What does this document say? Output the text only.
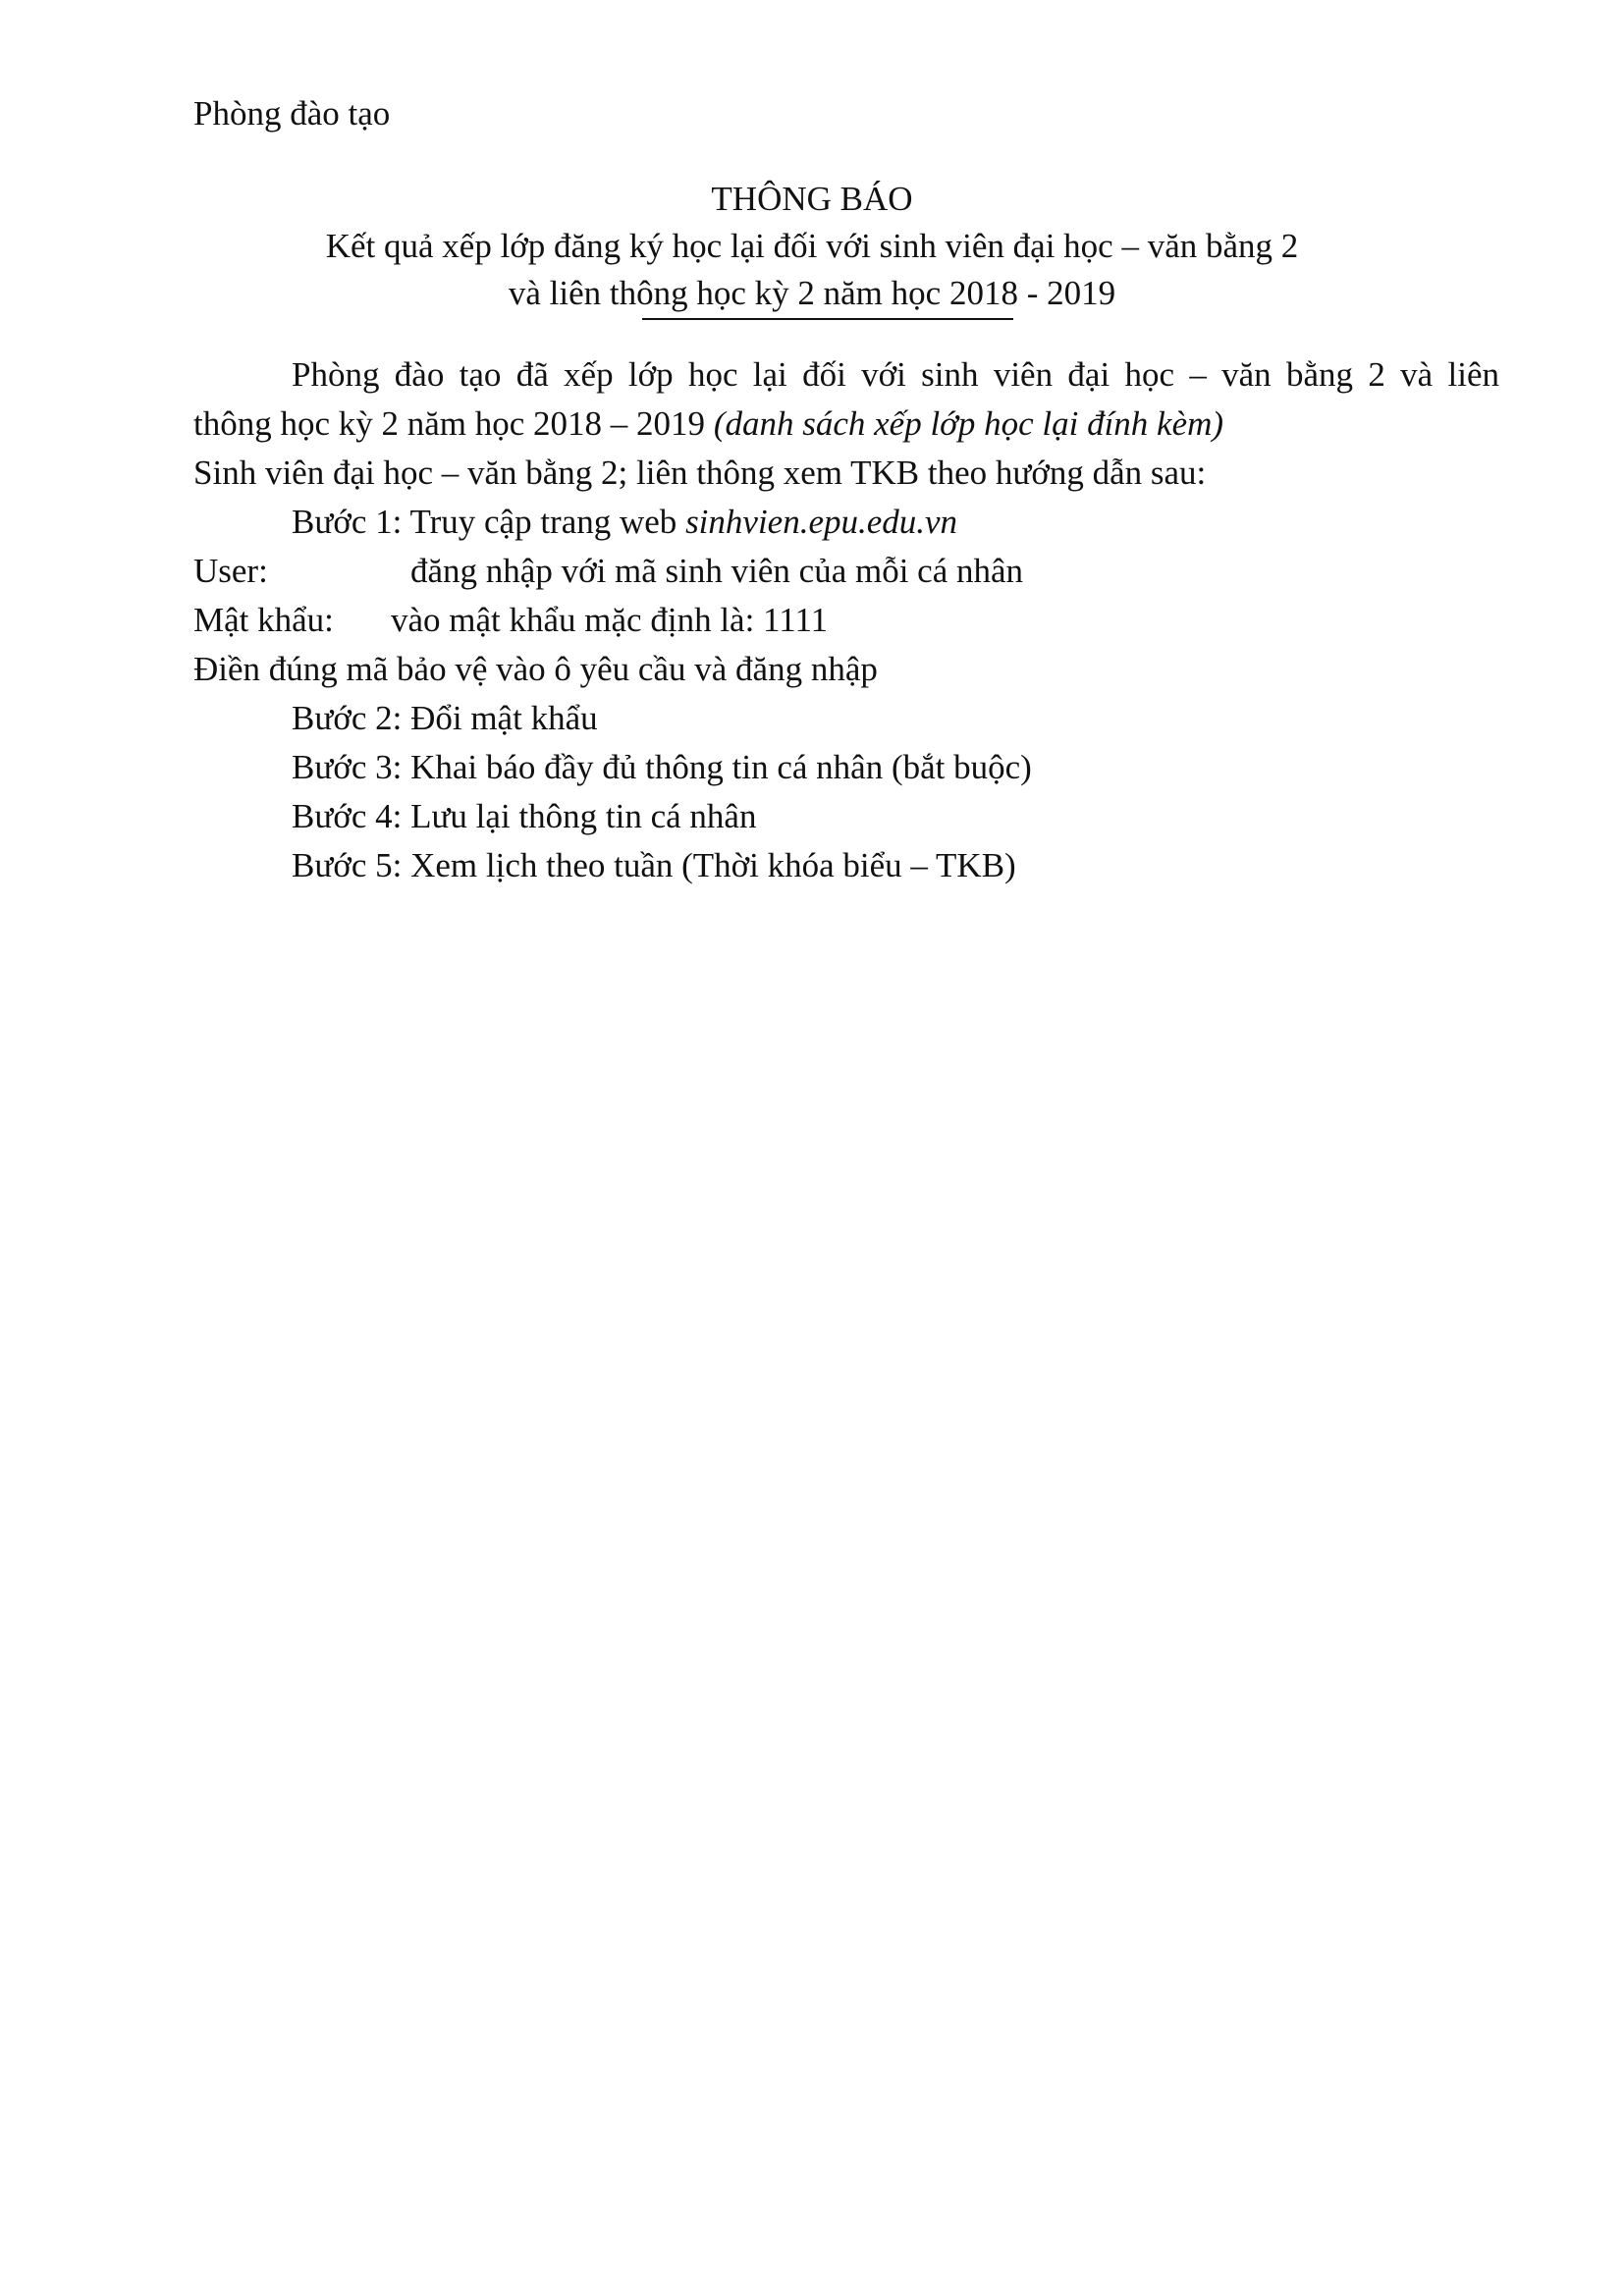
Phòng đào tạo
THÔNG BÁO
Kết quả xếp lớp đăng ký học lại đối với sinh viên đại học – văn bằng 2
và liên thông học kỳ 2 năm học 2018 - 2019
Phòng đào tạo đã xếp lớp học lại đối với sinh viên đại học – văn bằng 2 và liên
thông học kỳ 2 năm học 2018 – 2019 (danh sách xếp lớp học lại đính kèm)
Sinh viên đại học – văn bằng 2; liên thông xem TKB theo hướng dẫn sau:
Bước 1: Truy cập trang web sinhvien.epu.edu.vn
User:	đăng nhập với mã sinh viên của mỗi cá nhân
Mật khẩu: vào mật khẩu mặc định là: 1111
Điền đúng mã bảo vệ vào ô yêu cầu và đăng nhập
Bước 2: Đổi mật khẩu
Bước 3: Khai báo đầy đủ thông tin cá nhân (bắt buộc)
Bước 4: Lưu lại thông tin cá nhân
Bước 5: Xem lịch theo tuần (Thời khóa biểu – TKB)
